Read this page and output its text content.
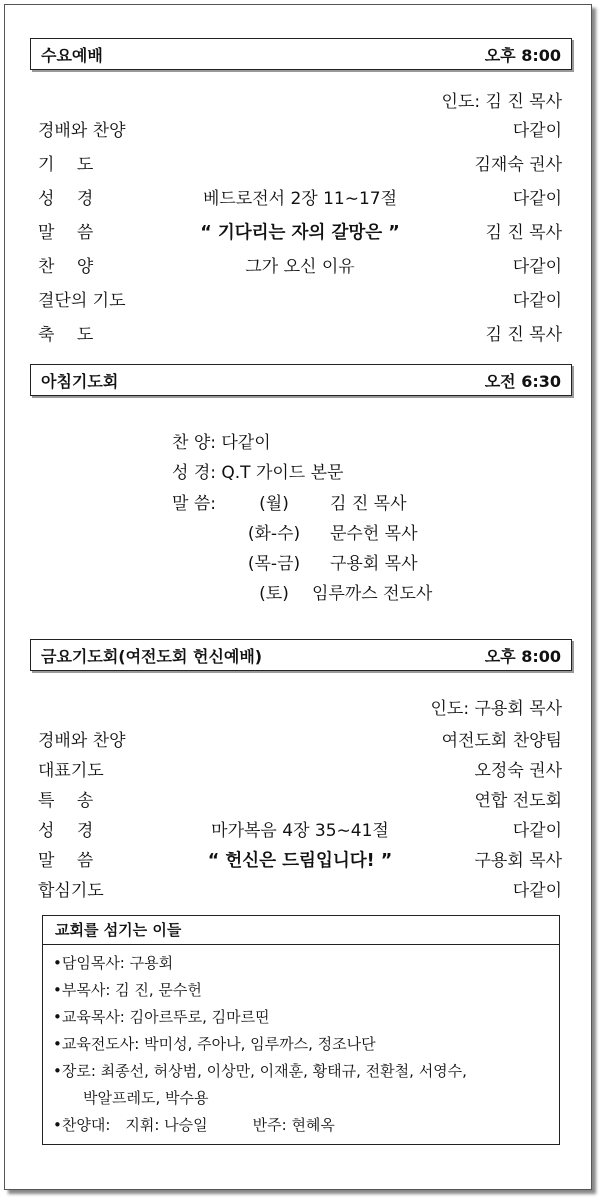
수요예배	오후 8:00
인도: 김 진 목사
경배와 찬양	다같이
기　 도	김재숙 권사
성　 경	베드로전서 2장 11∼17절	다같이
말　 씀	“ 기다리는 자의 갈망은 ”	김 진 목사
찬　 양	그가 오신 이유	다같이
결단의 기도	다같이
축　 도	김 진 목사
아침기도회	오전 6:30
찬 양: 다같이
성 경: Q.T 가이드 본문
말 씀:	(월)	김 진 목사
(화-수)	문수헌 목사
(목-금)	구용회 목사
(토)	임루까스 전도사
금요기도회(여전도회 헌신예배)	오후 8:00
인도: 구용회 목사
경배와 찬양	여전도회 찬양팀
대표기도	오정숙 권사
특　 송	연합 전도회
성　 경	마가복음 4장 35∼41절	다같이
말　 씀	“ 헌신은 드림입니다! ”	구용회 목사
합심기도	다같이
교회를 섬기는 이들
•담임목사: 구용회
•부목사: 김 진, 문수헌
•교육목사: 김아르뚜로, 김마르띤
•교육전도사: 박미성, 주아나, 임루까스, 정조나단
•장로: 최종선, 허상범, 이상만, 이재훈, 황태규, 전환철, 서영수,
　　박알프레도, 박수용
•찬양대:　지휘: 나승일　　　반주: 현혜옥
